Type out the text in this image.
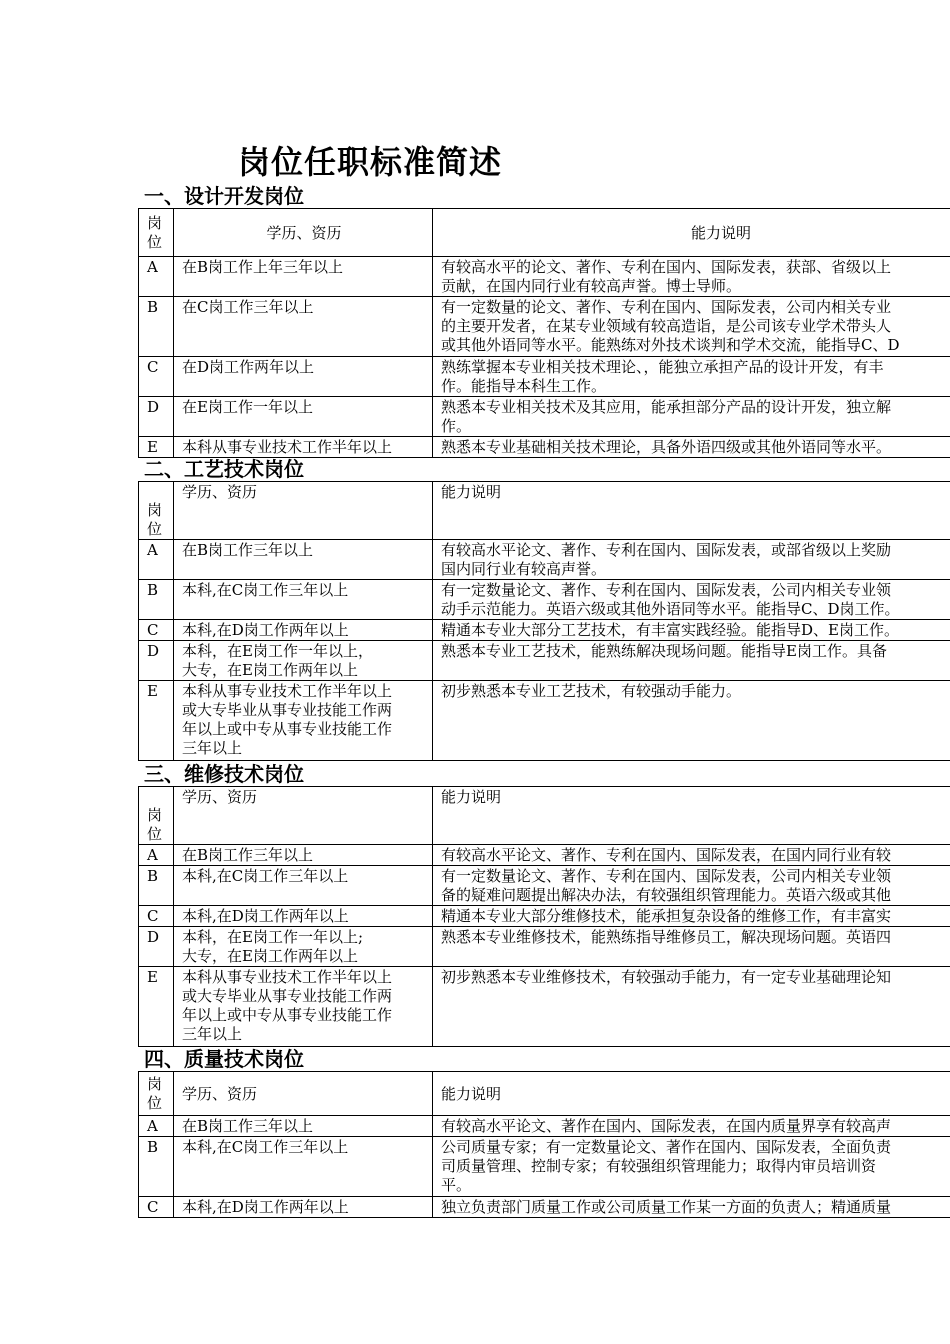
岗位任职标准简述
一、设计开发岗位
岗位	学历、资历	能力说明
A	在B岗工作上年三年以上	有较高水平的论文、著作、专利在国内、国际发表，获部、省级以上
贡献，在国内同行业有较高声誉。博士导师。

B	在C岗工作三年以上	有一定数量的论文、著作、专利在国内、国际发表，公司内相关专业
的主要开发者，在某专业领域有较高造诣，是公司该专业学术带头人
或其他外语同等水平。能熟练对外技术谈判和学术交流，能指导C、D

C	在D岗工作两年以上	熟练掌握本专业相关技术理论、，能独立承担产品的设计开发，有丰
作。能指导本科生工作。

D	在E岗工作一年以上	熟悉本专业相关技术及其应用，能承担部分产品的设计开发，独立解
作。

E	本科从事专业技术工作半年以上	熟悉本专业基础相关技术理论，具备外语四级或其他外语同等水平。
二、工艺技术岗位
岗位	学历、资历	能力说明
A	在B岗工作三年以上	有较高水平论文、著作、专利在国内、国际发表，或部省级以上奖励
国内同行业有较高声誉。

B	本科,在C岗工作三年以上	有一定数量论文、著作、专利在国内、国际发表，公司内相关专业领
动手示范能力。英语六级或其他外语同等水平。能指导C、D岗工作。

C	本科,在D岗工作两年以上	精通本专业大部分工艺技术，有丰富实践经验。能指导D、E岗工作。

D	本科，在E岗工作一年以上，
大专，在E岗工作两年以上	熟悉本专业工艺技术，能熟练解决现场问题。能指导E岗工作。具备

E	本科从事专业技术工作半年以上
或大专毕业从事专业技能工作两
年以上或中专从事专业技能工作
三年以上	初步熟悉本专业工艺技术，有较强动手能力。
三、维修技术岗位
岗位	学历、资历	能力说明
A	在B岗工作三年以上	有较高水平论文、著作、专利在国内、国际发表，在国内同行业有较

B	本科,在C岗工作三年以上	有一定数量论文、著作、专利在国内、国际发表，公司内相关专业领
备的疑难问题提出解决办法，有较强组织管理能力。英语六级或其他

C	本科,在D岗工作两年以上	精通本专业大部分维修技术，能承担复杂设备的维修工作，有丰富实

D	本科，在E岗工作一年以上;
大专，在E岗工作两年以上	熟悉本专业维修技术，能熟练指导维修员工，解决现场问题。英语四

E	本科从事专业技术工作半年以上
或大专毕业从事专业技能工作两
年以上或中专从事专业技能工作
三年以上	初步熟悉本专业维修技术，有较强动手能力，有一定专业基础理论知
四、质量技术岗位
岗位	学历、资历	能力说明
A	在B岗工作三年以上	有较高水平论文、著作在国内、国际发表，在国内质量界享有较高声

B	本科,在C岗工作三年以上	公司质量专家；有一定数量论文、著作在国内、国际发表，全面负责
司质量管理、控制专家；有较强组织管理能力；取得内审员培训资
平。

C	本科,在D岗工作两年以上	独立负责部门质量工作或公司质量工作某一方面的负责人；精通质量
